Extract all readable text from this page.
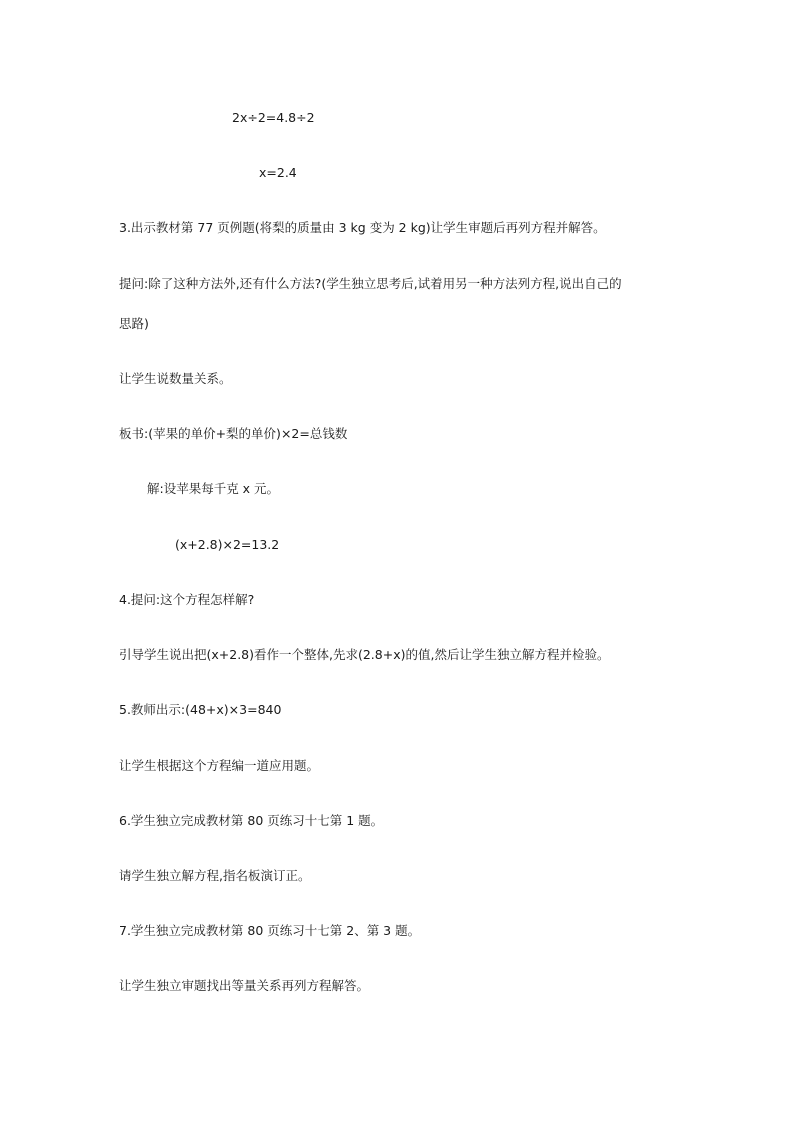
2x÷2=4.8÷2
x=2.4
3.出示教材第 77 页例题(将梨的质量由 3 kg 变为 2 kg)让学生审题后再列方程并解答。
提问:除了这种方法外,还有什么方法?(学生独立思考后,试着用另一种方法列方程,说出自己的
思路)
让学生说数量关系。
板书:(苹果的单价+梨的单价)×2=总钱数
解:设苹果每千克 x 元。
(x+2.8)×2=13.2
4.提问:这个方程怎样解?
引导学生说出把(x+2.8)看作一个整体,先求(2.8+x)的值,然后让学生独立解方程并检验。
5.教师出示:(48+x)×3=840
让学生根据这个方程编一道应用题。
6.学生独立完成教材第 80 页练习十七第 1 题。
请学生独立解方程,指名板演订正。
7.学生独立完成教材第 80 页练习十七第 2、第 3 题。
让学生独立审题找出等量关系再列方程解答。
